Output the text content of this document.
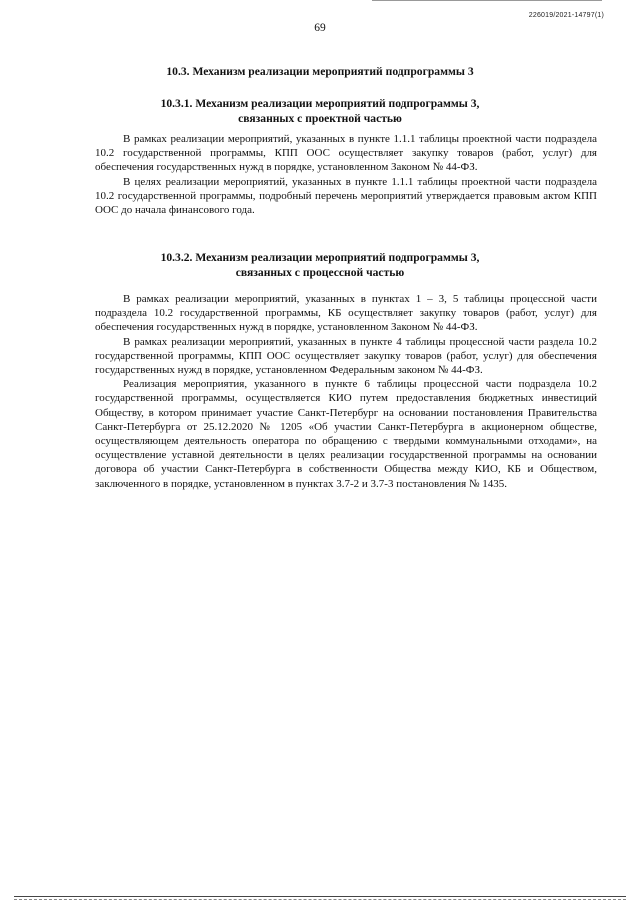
226019/2021-14797(1)
69
10.3. Механизм реализации мероприятий подпрограммы 3
10.3.1. Механизм реализации мероприятий подпрограммы 3,
связанных с проектной частью

В рамках реализации мероприятий, указанных в пункте 1.1.1 таблицы проектной части подраздела 10.2 государственной программы, КПП ООС осуществляет закупку товаров (работ, услуг) для обеспечения государственных нужд в порядке, установленном Законом № 44-ФЗ.

В целях реализации мероприятий, указанных в пункте 1.1.1 таблицы проектной части подраздела 10.2 государственной программы, подробный перечень мероприятий утверждается правовым актом КПП ООС до начала финансового года.

10.3.2. Механизм реализации мероприятий подпрограммы 3,
связанных с процессной частью

В рамках реализации мероприятий, указанных в пунктах 1 – 3, 5 таблицы процессной части подраздела 10.2 государственной программы, КБ осуществляет закупку товаров (работ, услуг) для обеспечения государственных нужд в порядке, установленном Законом № 44-ФЗ.

В рамках реализации мероприятий, указанных в пункте 4 таблицы процессной части раздела 10.2 государственной программы, КПП ООС осуществляет закупку товаров (работ, услуг) для обеспечения государственных нужд в порядке, установленном Федеральным законом № 44-ФЗ.

Реализация мероприятия, указанного в пункте 6 таблицы процессной части подраздела 10.2 государственной программы, осуществляется КИО путем предоставления бюджетных инвестиций Обществу, в котором принимает участие Санкт-Петербург на основании постановления Правительства Санкт-Петербурга от 25.12.2020 № 1205 «Об участии Санкт-Петербурга в акционерном обществе, осуществляющем деятельность оператора по обращению с твердыми коммунальными отходами», на осуществление уставной деятельности в целях реализации государственной программы на основании договора об участии Санкт-Петербурга в собственности Общества между КИО, КБ и Обществом, заключенного в порядке, установленном в пунктах 3.7-2 и 3.7-3 постановления № 1435.
